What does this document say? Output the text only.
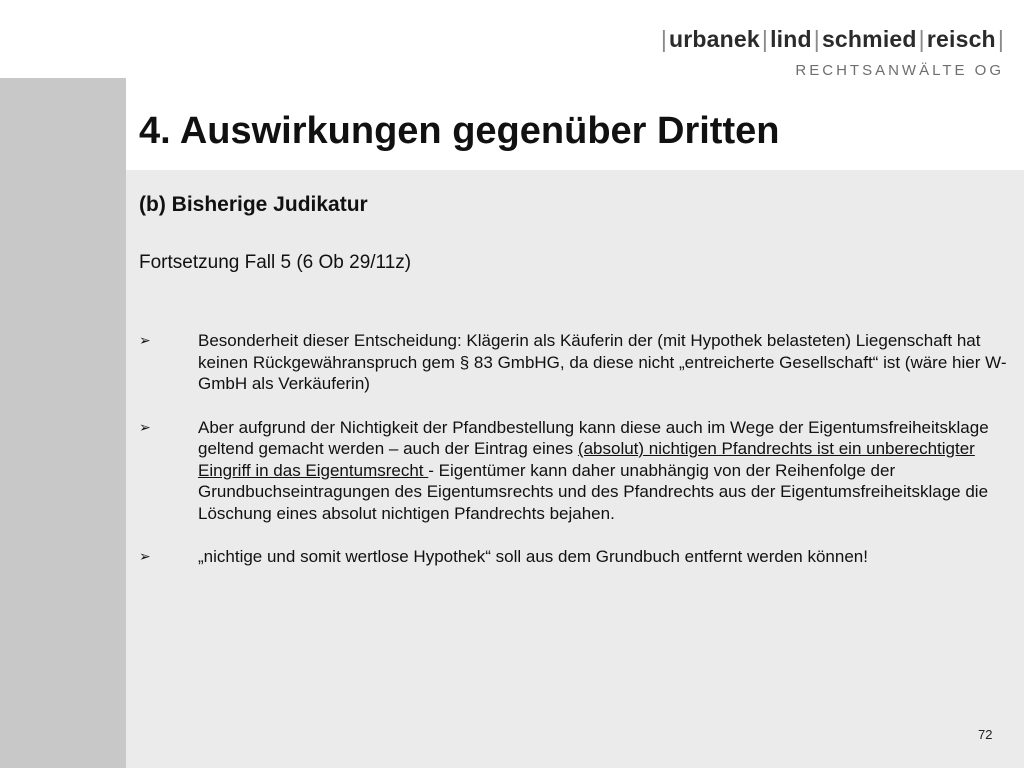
|urbanek|lind|schmied|reisch|
RECHTSANWÄLTE OG
4. Auswirkungen gegenüber Dritten
(b) Bisherige Judikatur

Fortsetzung Fall 5 (6 Ob 29/11z)

➢	Besonderheit dieser Entscheidung: Klägerin als Käuferin der (mit Hypothek belasteten) Liegenschaft hat keinen Rückgewähranspruch gem § 83 GmbHG, da diese nicht „entreicherte Gesellschaft“ ist (wäre hier W-GmbH als Verkäuferin)
➢	Aber aufgrund der Nichtigkeit der Pfandbestellung kann diese auch im Wege der Eigentumsfreiheitsklage geltend gemacht werden – auch der Eintrag eines (absolut) nichtigen Pfandrechts ist ein unberechtigter Eingriff in das Eigentumsrecht - Eigentümer kann daher unabhängig von der Reihenfolge der Grundbuchseintragungen des Eigentumsrechts und des Pfandrechts aus der Eigentumsfreiheitsklage die Löschung eines absolut nichtigen Pfandrechts bejahen.
➢	„nichtige und somit wertlose Hypothek“ soll aus dem Grundbuch entfernt werden können!
72
